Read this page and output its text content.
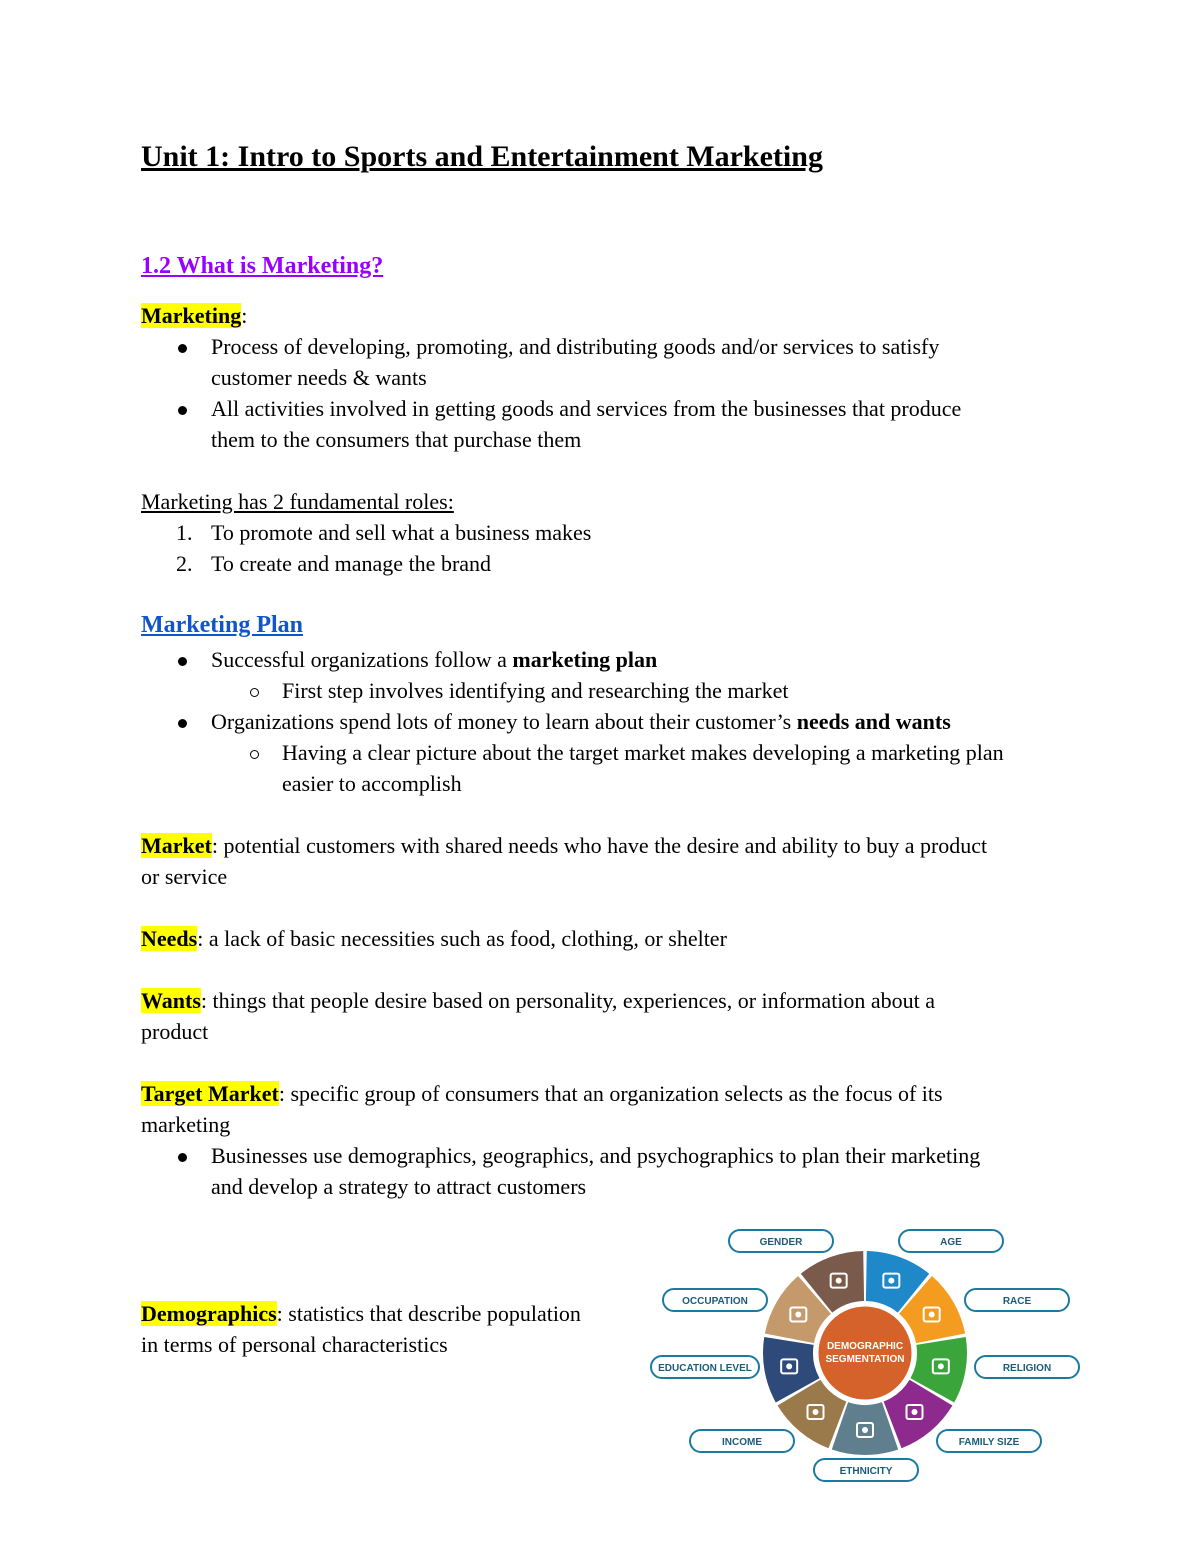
Unit 1: Intro to Sports and Entertainment Marketing
1.2 What is Marketing?
Marketing:
Process of developing, promoting, and distributing goods and/or services to satisfy
customer needs & wants
All activities involved in getting goods and services from the businesses that produce
them to the consumers that purchase them
Marketing has 2 fundamental roles:
1. To promote and sell what a business makes
2. To create and manage the brand
Marketing Plan
Successful organizations follow a marketing plan
First step involves identifying and researching the market
Organizations spend lots of money to learn about their customer’s needs and wants
Having a clear picture about the target market makes developing a marketing plan
easier to accomplish
Market: potential customers with shared needs who have the desire and ability to buy a product
or service
Needs: a lack of basic necessities such as food, clothing, or shelter
Wants: things that people desire based on personality, experiences, or information about a
product
Target Market: specific group of consumers that an organization selects as the focus of its
marketing
Businesses use demographics, geographics, and psychographics to plan their marketing
and develop a strategy to attract customers
Demographics: statistics that describe population
in terms of personal characteristics	DEMOGRAPHIC
SEGMENTATION
GENDER	AGE
OCCUPATION	RACE
EDUCATION LEVEL	RELIGION
INCOME	FAMILY SIZE
ETHNICITY
